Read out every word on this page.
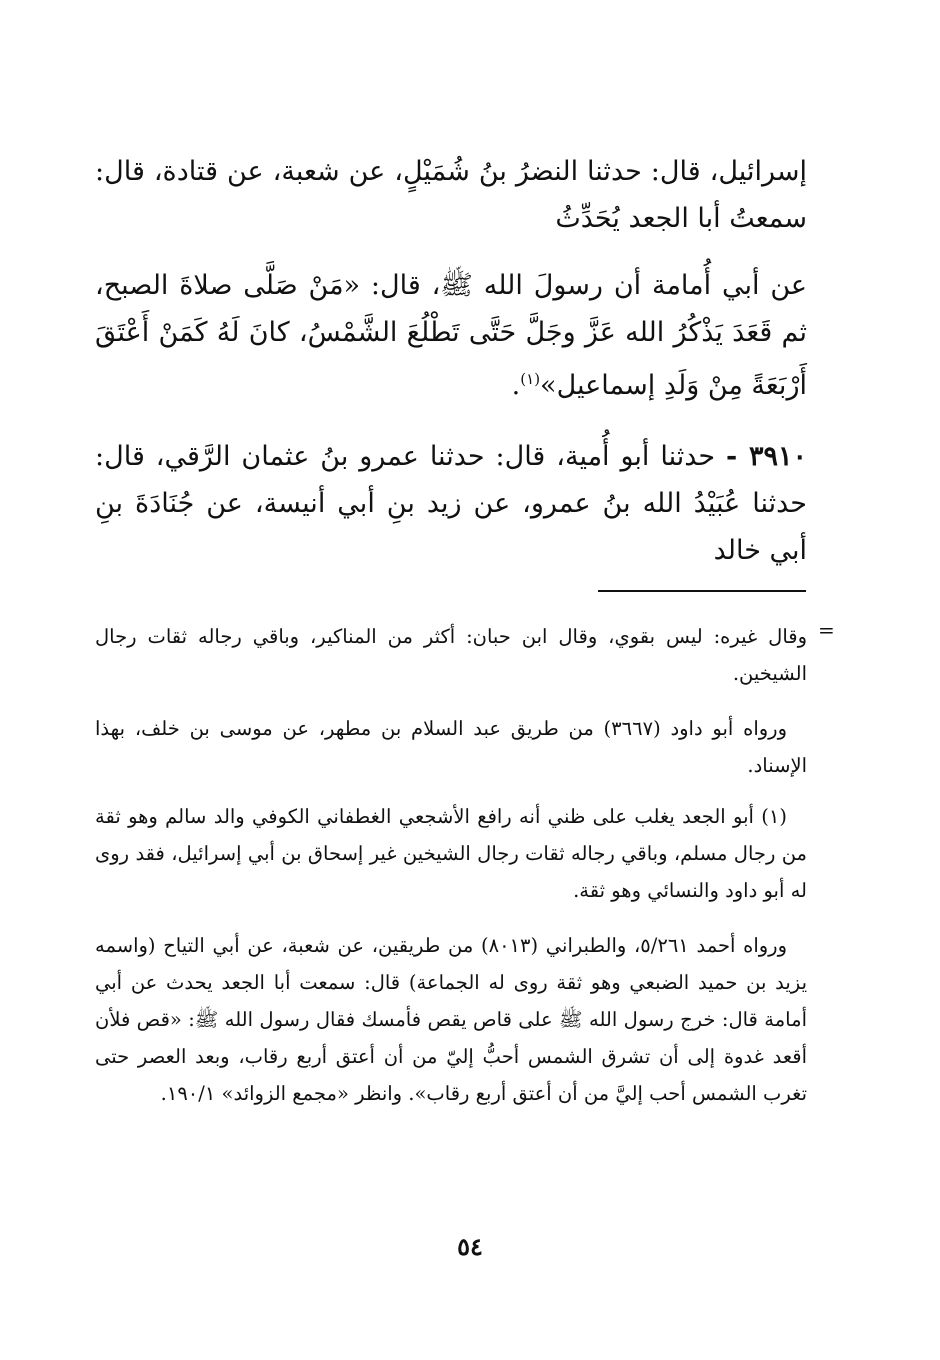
إسرائيل، قال: حدثنا النضرُ بنُ شُمَيْلٍ، عن شعبة، عن قتادة، قال: سمعتُ أبا الجعد يُحَدِّثُ

عن أبي أُمامة أن رسولَ الله ﷺ، قال: «مَنْ صَلَّى صلاةَ الصبح، ثم قَعَدَ يَذْكُرُ الله عَزَّ وجَلَّ حَتَّى تَطْلُعَ الشَّمْسُ، كانَ لَهُ كَمَنْ أَعْتَقَ أَرْبَعَةً مِنْ وَلَدِ إسماعيل»$^{(١)}$.

٣٩١٠ - حدثنا أبو أُمية، قال: حدثنا عمرو بنُ عثمان الرَّقي، قال: حدثنا عُبَيْدُ الله بنُ عمرو، عن زيد بنِ أبي أنيسة، عن جُنَادَةَ بنِ أبي خالد

=

وقال غيره: ليس بقوي، وقال ابن حبان: أكثر من المناكير، وباقي رجاله ثقات رجال الشيخين.

ورواه أبو داود (٣٦٦٧) من طريق عبد السلام بن مطهر، عن موسى بن خلف، بهذا الإسناد.

(١) أبو الجعد يغلب على ظني أنه رافع الأشجعي الغطفاني الكوفي والد سالم وهو ثقة من رجال مسلم، وباقي رجاله ثقات رجال الشيخين غير إسحاق بن أبي إسرائيل، فقد روى له أبو داود والنسائي وهو ثقة.

ورواه أحمد ٥/٢٦١، والطبراني (٨٠١٣) من طريقين، عن شعبة، عن أبي التياح (واسمه يزيد بن حميد الضبعي وهو ثقة روى له الجماعة) قال: سمعت أبا الجعد يحدث عن أبي أمامة قال: خرج رسول الله ﷺ على قاص يقص فأمسك فقال رسول الله ﷺ: «قص فلأن أقعد غدوة إلى أن تشرق الشمس أحبُّ إليّ من أن أعتق أربع رقاب، وبعد العصر حتى تغرب الشمس أحب إليَّ من أن أعتق أربع رقاب». وانظر «مجمع الزوائد» ١٩٠/١.

٥٤
